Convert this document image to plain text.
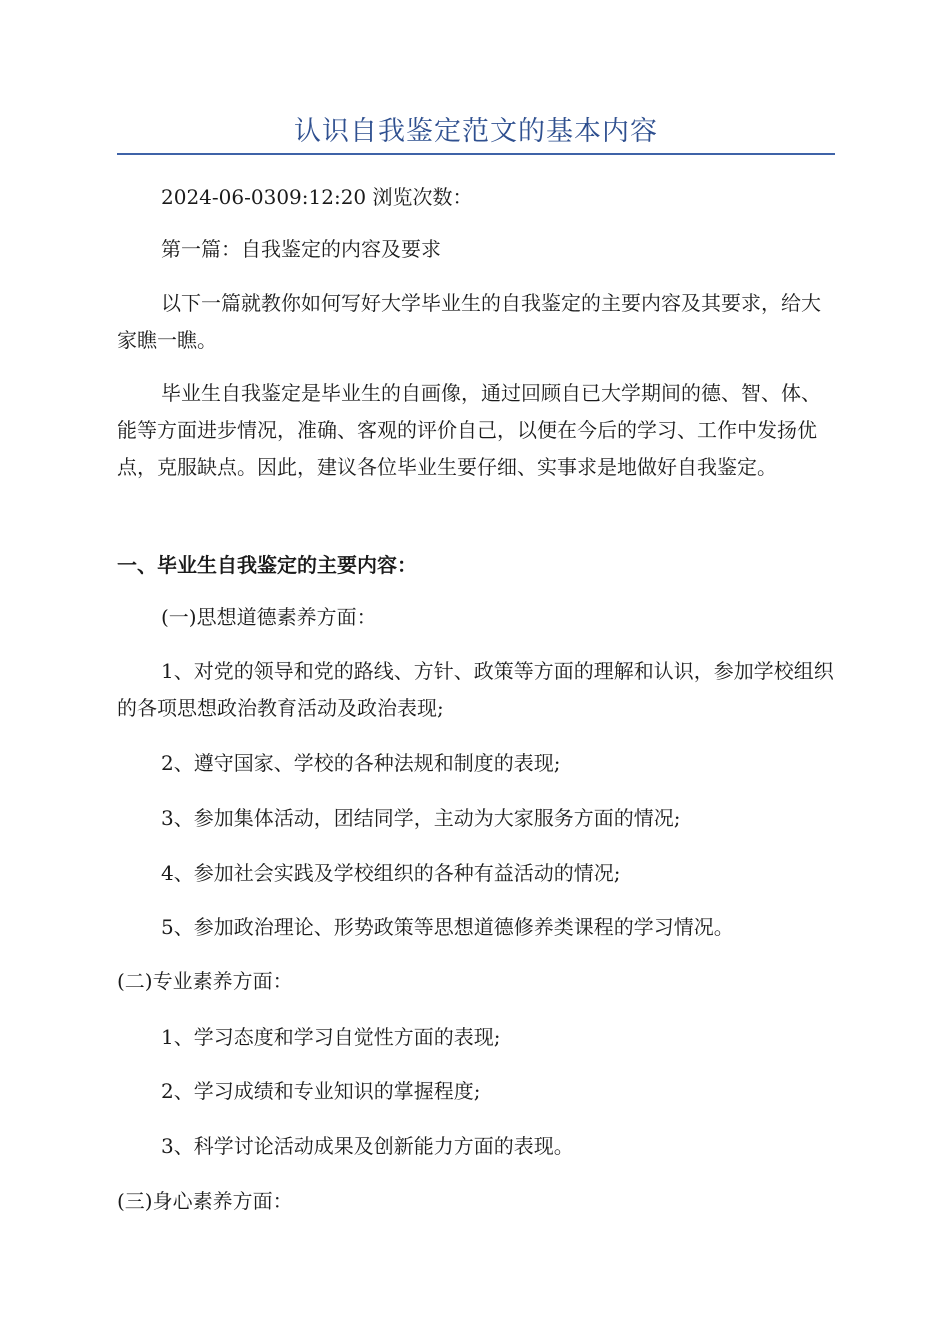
认识自我鉴定范文的基本内容

2024-06-0309:12:20 浏览次数：

第一篇：自我鉴定的内容及要求

以下一篇就教你如何写好大学毕业生的自我鉴定的主要内容及其要求，给大家瞧一瞧。

毕业生自我鉴定是毕业生的自画像，通过回顾自已大学期间的德、智、体、能等方面进步情况，准确、客观的评价自己，以便在今后的学习、工作中发扬优点，克服缺点。因此，建议各位毕业生要仔细、实事求是地做好自我鉴定。

一、毕业生自我鉴定的主要内容：

(一)思想道德素养方面：

1、对党的领导和党的路线、方针、政策等方面的理解和认识，参加学校组织的各项思想政治教育活动及政治表现;

2、遵守国家、学校的各种法规和制度的表现;

3、参加集体活动，团结同学，主动为大家服务方面的情况;

4、参加社会实践及学校组织的各种有益活动的情况;

5、参加政治理论、形势政策等思想道德修养类课程的学习情况。

(二)专业素养方面：

1、学习态度和学习自觉性方面的表现;

2、学习成绩和专业知识的掌握程度;

3、科学讨论活动成果及创新能力方面的表现。

(三)身心素养方面：
